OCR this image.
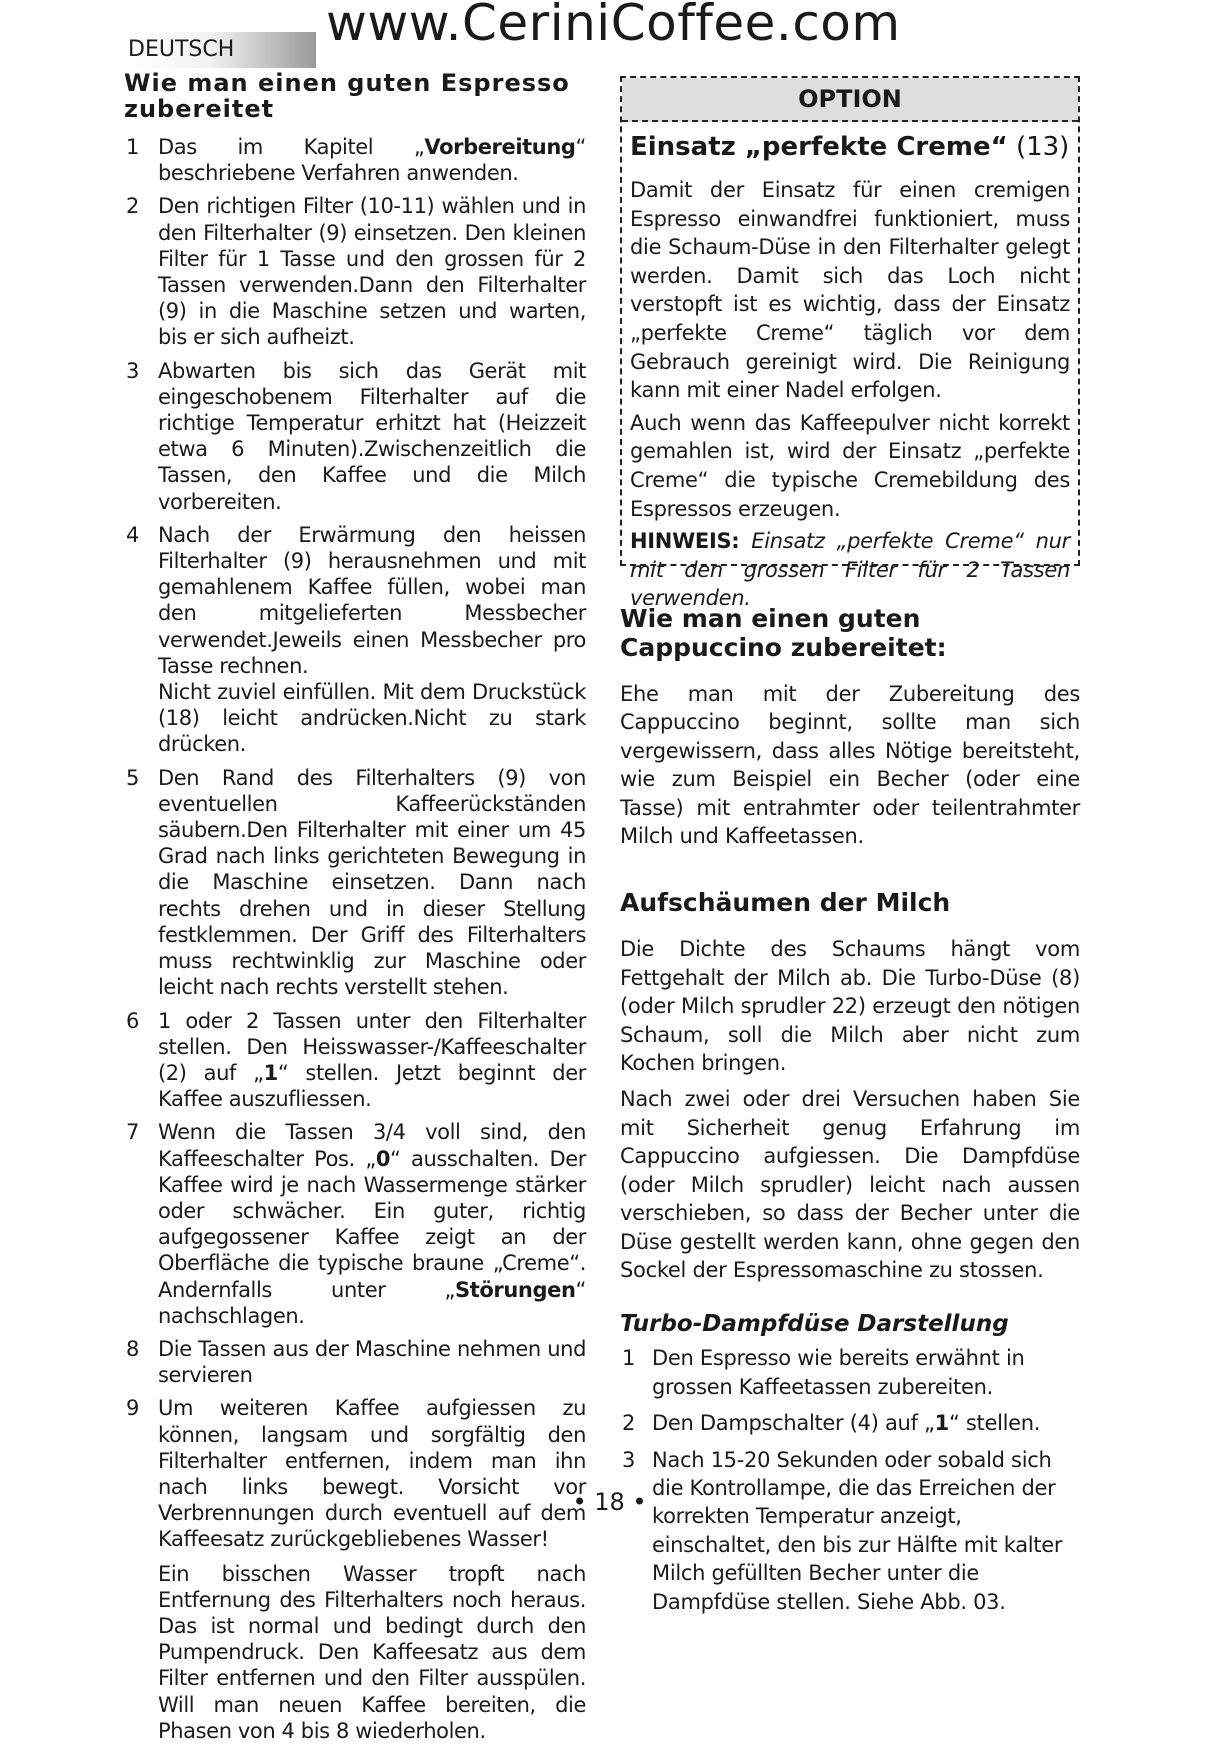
DEUTSCH	www.CeriniCoffee.com
Wie man einen guten Espresso zubereitet
1 Das im Kapitel „Vorbereitung“ beschriebene Verfahren anwenden.
2 Den richtigen Filter (10-11) wählen und in den Filterhalter (9) einsetzen. Den kleinen Filter für 1 Tasse und den grossen für 2 Tassen verwenden.Dann den Filterhalter (9) in die Maschine setzen und warten, bis er sich aufheizt.
3 Abwarten bis sich das Gerät mit eingeschobenem Filterhalter auf die richtige Temperatur erhitzt hat (Heizzeit etwa 6 Minuten).Zwischenzeitlich die Tassen, den Kaffee und die Milch vorbereiten.
4 Nach der Erwärmung den heissen Filterhalter (9) herausnehmen und mit gemahlenem Kaffee füllen, wobei man den mitgelieferten Messbecher verwendet.Jeweils einen Messbecher pro Tasse rechnen.

Nicht zuviel einfüllen. Mit dem Druckstück (18) leicht andrücken.Nicht zu stark drücken.

5 Den Rand des Filterhalters (9) von eventuellen Kaffeerückständen säubern.Den Filterhalter mit einer um 45 Grad nach links gerichteten Bewegung in die Maschine einsetzen. Dann nach rechts drehen und in dieser Stellung festklemmen. Der Griff des Filterhalters muss rechtwinklig zur Maschine oder leicht nach rechts verstellt stehen.
6 1 oder 2 Tassen unter den Filterhalter stellen. Den Heisswasser-/Kaffeeschalter (2) auf „1“ stellen. Jetzt beginnt der Kaffee auszufliessen.
7 Wenn die Tassen 3/4 voll sind, den Kaffeeschalter Pos. „0“ ausschalten. Der Kaffee wird je nach Wassermenge stärker oder schwächer. Ein guter, richtig aufgegossener Kaffee zeigt an der Oberfläche die typische braune „Creme“. Andernfalls unter „Störungen“ nachschlagen.
8 Die Tassen aus der Maschine nehmen und servieren
9 Um weiteren Kaffee aufgiessen zu können, langsam und sorgfältig den Filterhalter entfernen, indem man ihn nach links bewegt. Vorsicht vor Verbrennungen durch eventuell auf dem Kaffeesatz zurückgebliebenes Wasser!

Ein bisschen Wasser tropft nach Entfernung des Filterhalters noch heraus. Das ist normal und bedingt durch den Pumpendruck. Den Kaffeesatz aus dem Filter entfernen und den Filter ausspülen. Will man neuen Kaffee bereiten, die Phasen von 4 bis 8 wiederholen.

OPTION
Einsatz „perfekte Creme“ (13)

Damit der Einsatz für einen cremigen Espresso einwandfrei funktioniert, muss die Schaum-Düse in den Filterhalter gelegt werden. Damit sich das Loch nicht verstopft ist es wichtig, dass der Einsatz „perfekte Creme“ täglich vor dem Gebrauch gereinigt wird. Die Reinigung kann mit einer Nadel erfolgen.

Auch wenn das Kaffeepulver nicht korrekt gemahlen ist, wird der Einsatz „perfekte Creme“ die typische Cremebildung des Espressos erzeugen.

HINWEIS: Einsatz „perfekte Creme“ nur mit den grossen Filter für 2 Tassen verwenden.

Wie man einen guten Cappuccino zubereitet:

Ehe man mit der Zubereitung des Cappuccino beginnt, sollte man sich vergewissern, dass alles Nötige bereitsteht, wie zum Beispiel ein Becher (oder eine Tasse) mit entrahmter oder teilentrahmter Milch und Kaffeetassen.

Aufschäumen der Milch

Die Dichte des Schaums hängt vom Fettgehalt der Milch ab. Die Turbo-Düse (8) (oder Milch sprudler 22) erzeugt den nötigen Schaum, soll die Milch aber nicht zum Kochen bringen.

Nach zwei oder drei Versuchen haben Sie mit Sicherheit genug Erfahrung im Cappuccino aufgiessen. Die Dampfdüse (oder Milch sprudler) leicht nach aussen verschieben, so dass der Becher unter die Düse gestellt werden kann, ohne gegen den Sockel der Espressomaschine zu stossen.

Turbo-Dampfdüse Darstellung
1 Den Espresso wie bereits erwähnt in grossen Kaffeetassen zubereiten.
2 Den Dampschalter (4) auf „1“ stellen.
3 Nach 15-20 Sekunden oder sobald sich die Kontrollampe, die das Erreichen der korrekten Temperatur anzeigt, einschaltet, den bis zur Hälfte mit kalter Milch gefüllten Becher unter die Dampfdüse stellen. Siehe Abb. 03.
• 18 •
